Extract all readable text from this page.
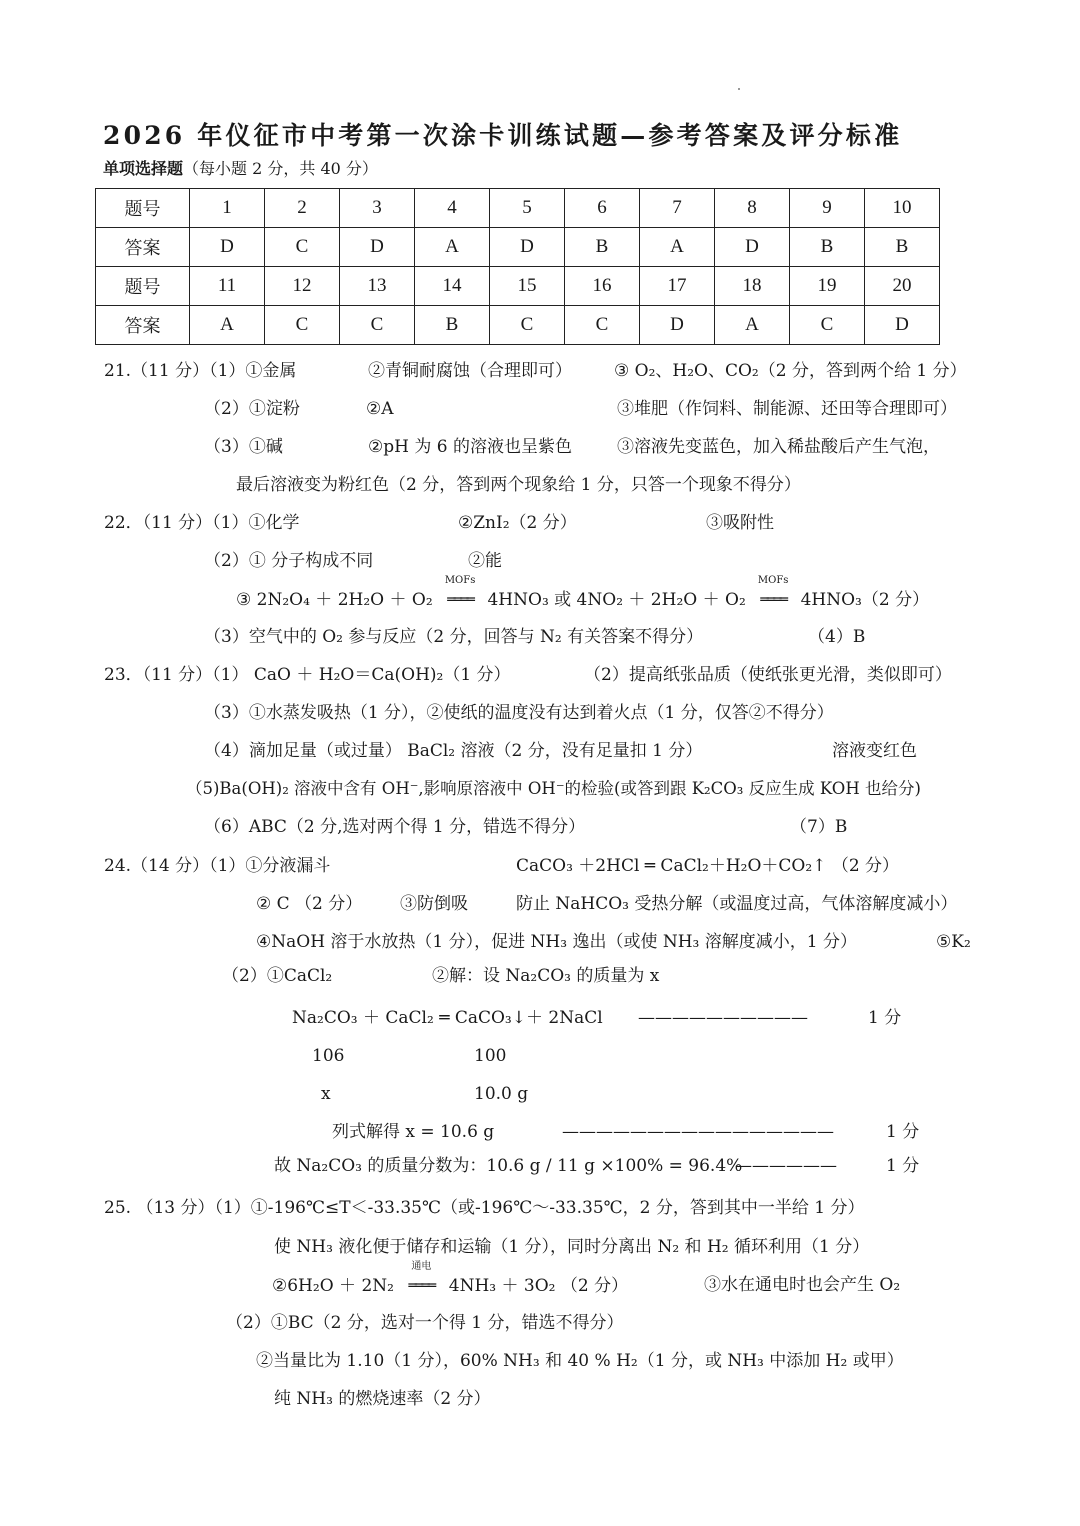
2026 年仪征市中考第一次涂卡训练试题—参考答案及评分标准
单项选择题（每小题 2 分，共 40 分）
题号	1	2	3	4	5	6	7	8	9	10
答案	D	C	D	A	D	B	A	D	B	B
题号	11	12	13	14	15	16	17	18	19	20
答案	A	C	C	B	C	C	D	A	C	D
21.（11 分）（1）①金属	②青铜耐腐蚀（合理即可） ③ O₂、H₂O、CO₂（2 分，答到两个给 1 分）
（2）①淀粉	②A	③堆肥（作饲料、制能源、还田等合理即可）
（3）①碱	②pH 为 6 的溶液也呈紫色	③溶液先变蓝色，加入稀盐酸后产生气泡，
最后溶液变为粉红色（2 分，答到两个现象给 1 分，只答一个现象不得分）
22．（11 分）（1）①化学	②ZnI₂（2 分）	③吸附性
（2）① 分子构成不同	②能
③ 2N₂O₄ ＋ 2H₂O ＋ O₂
MOFs
════ 4HNO₃ 或 4NO₂ ＋ 2H₂O ＋ O₂
MOFs
════ 4HNO₃（2 分）
（3）空气中的 O₂ 参与反应（2 分，回答与 N₂ 有关答案不得分）	（4）B
23．（11 分）（1） CaO ＋ H₂O＝Ca(OH)₂（1 分）	（2）提高纸张品质（使纸张更光滑，类似即可）
（3）①水蒸发吸热（1 分），②使纸的温度没有达到着火点（1 分，仅答②不得分）
（4）滴加足量（或过量） BaCl₂ 溶液（2 分，没有足量扣 1 分）	溶液变红色
（5)Ba(OH)₂ 溶液中含有 OH⁻,影响原溶液中 OH⁻的检验(或答到跟 K₂CO₃ 反应生成 KOH 也给分)
（6）ABC（2 分,选对两个得 1 分，错选不得分）	（7）B
24.（14 分）（1）①分液漏斗	CaCO₃ ＋2HCl ═ CaCl₂＋H₂O＋CO₂↑ （2 分）
② C （2 分） ③防倒吸	防止 NaHCO₃ 受热分解（或温度过高，气体溶解度减小）
④NaOH 溶于水放热（1 分），促进 NH₃ 逸出（或使 NH₃ 溶解度减小，1 分）	⑤K₂
（2）①CaCl₂	②解：设 Na₂CO₃ 的质量为 x
Na₂CO₃ ＋ CaCl₂ ═ CaCO₃↓＋ 2NaCl ——————————	1 分
106	100
x	10.0 g
列式解得 x = 10.6 g	————————————————	1 分
故 Na₂CO₃ 的质量分数为：10.6 g / 11 g ×100% = 96.4%
——————	1 分
25. （13 分）（1）①-196℃≤T＜-33.35℃（或-196℃～-33.35℃，2 分，答到其中一半给 1 分）
使 NH₃ 液化便于储存和运输（1 分），同时分离出 N₂ 和 H₂ 循环利用（1 分）
②6H₂O ＋ 2N₂
通电
════ 4NH₃ ＋ 3O₂ （2 分）	③水在通电时也会产生 O₂
（2）①BC（2 分，选对一个得 1 分，错选不得分）
②当量比为 1.10（1 分），60% NH₃ 和 40 % H₂（1 分，或 NH₃ 中添加 H₂ 或甲）
纯 NH₃ 的燃烧速率（2 分）
